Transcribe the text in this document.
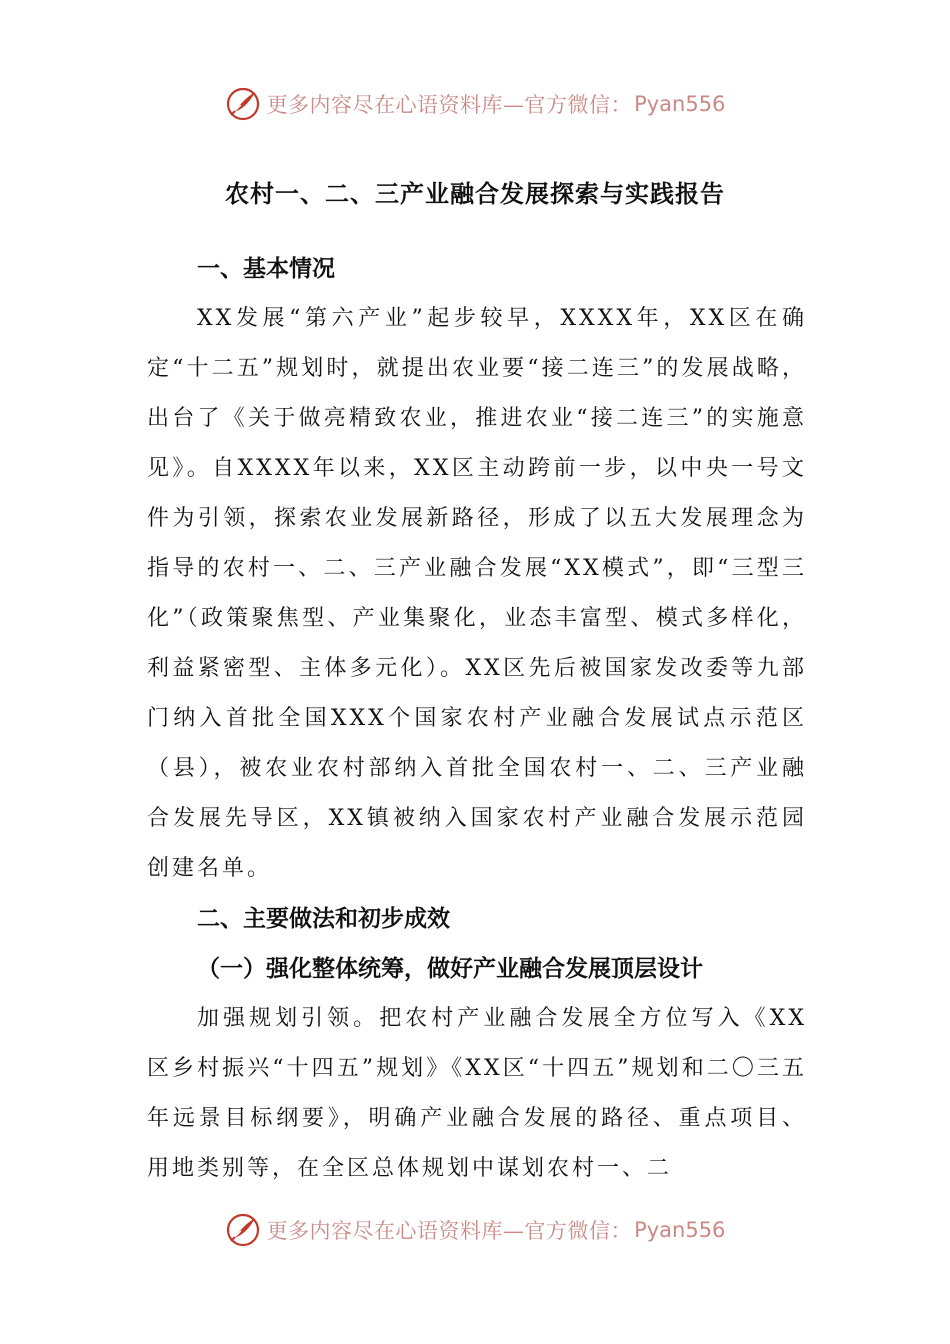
更多内容尽在心语资料库—官方微信： Pyan556
农村一、二、三产业融合发展探索与实践报告

一、基本情况

XX发展“第六产业”起步较早，XXXX年，XX区在确定“十二五”规划时，就提出农业要“接二连三”的发展战略，出台了《关于做亮精致农业，推进农业“接二连三”的实施意见》。自XXXX年以来，XX区主动跨前一步，以中央一号文件为引领，探索农业发展新路径，形成了以五大发展理念为指导的农村一、二、三产业融合发展“XX模式”，即“三型三化”（政策聚焦型、产业集聚化，业态丰富型、模式多样化，利益紧密型、主体多元化）。XX区先后被国家发改委等九部门纳入首批全国XXX个国家农村产业融合发展试点示范区（县），被农业农村部纳入首批全国农村一、二、三产业融合发展先导区，XX镇被纳入国家农村产业融合发展示范园创建名单。

二、主要做法和初步成效

（一）强化整体统筹，做好产业融合发展顶层设计

加强规划引领。把农村产业融合发展全方位写入《XX区乡村振兴“十四五”规划》《XX区“十四五”规划和二〇三五年远景目标纲要》，明确产业融合发展的路径、重点项目、用地类别等，在全区总体规划中谋划农村一、二

更多内容尽在心语资料库—官方微信： Pyan556
